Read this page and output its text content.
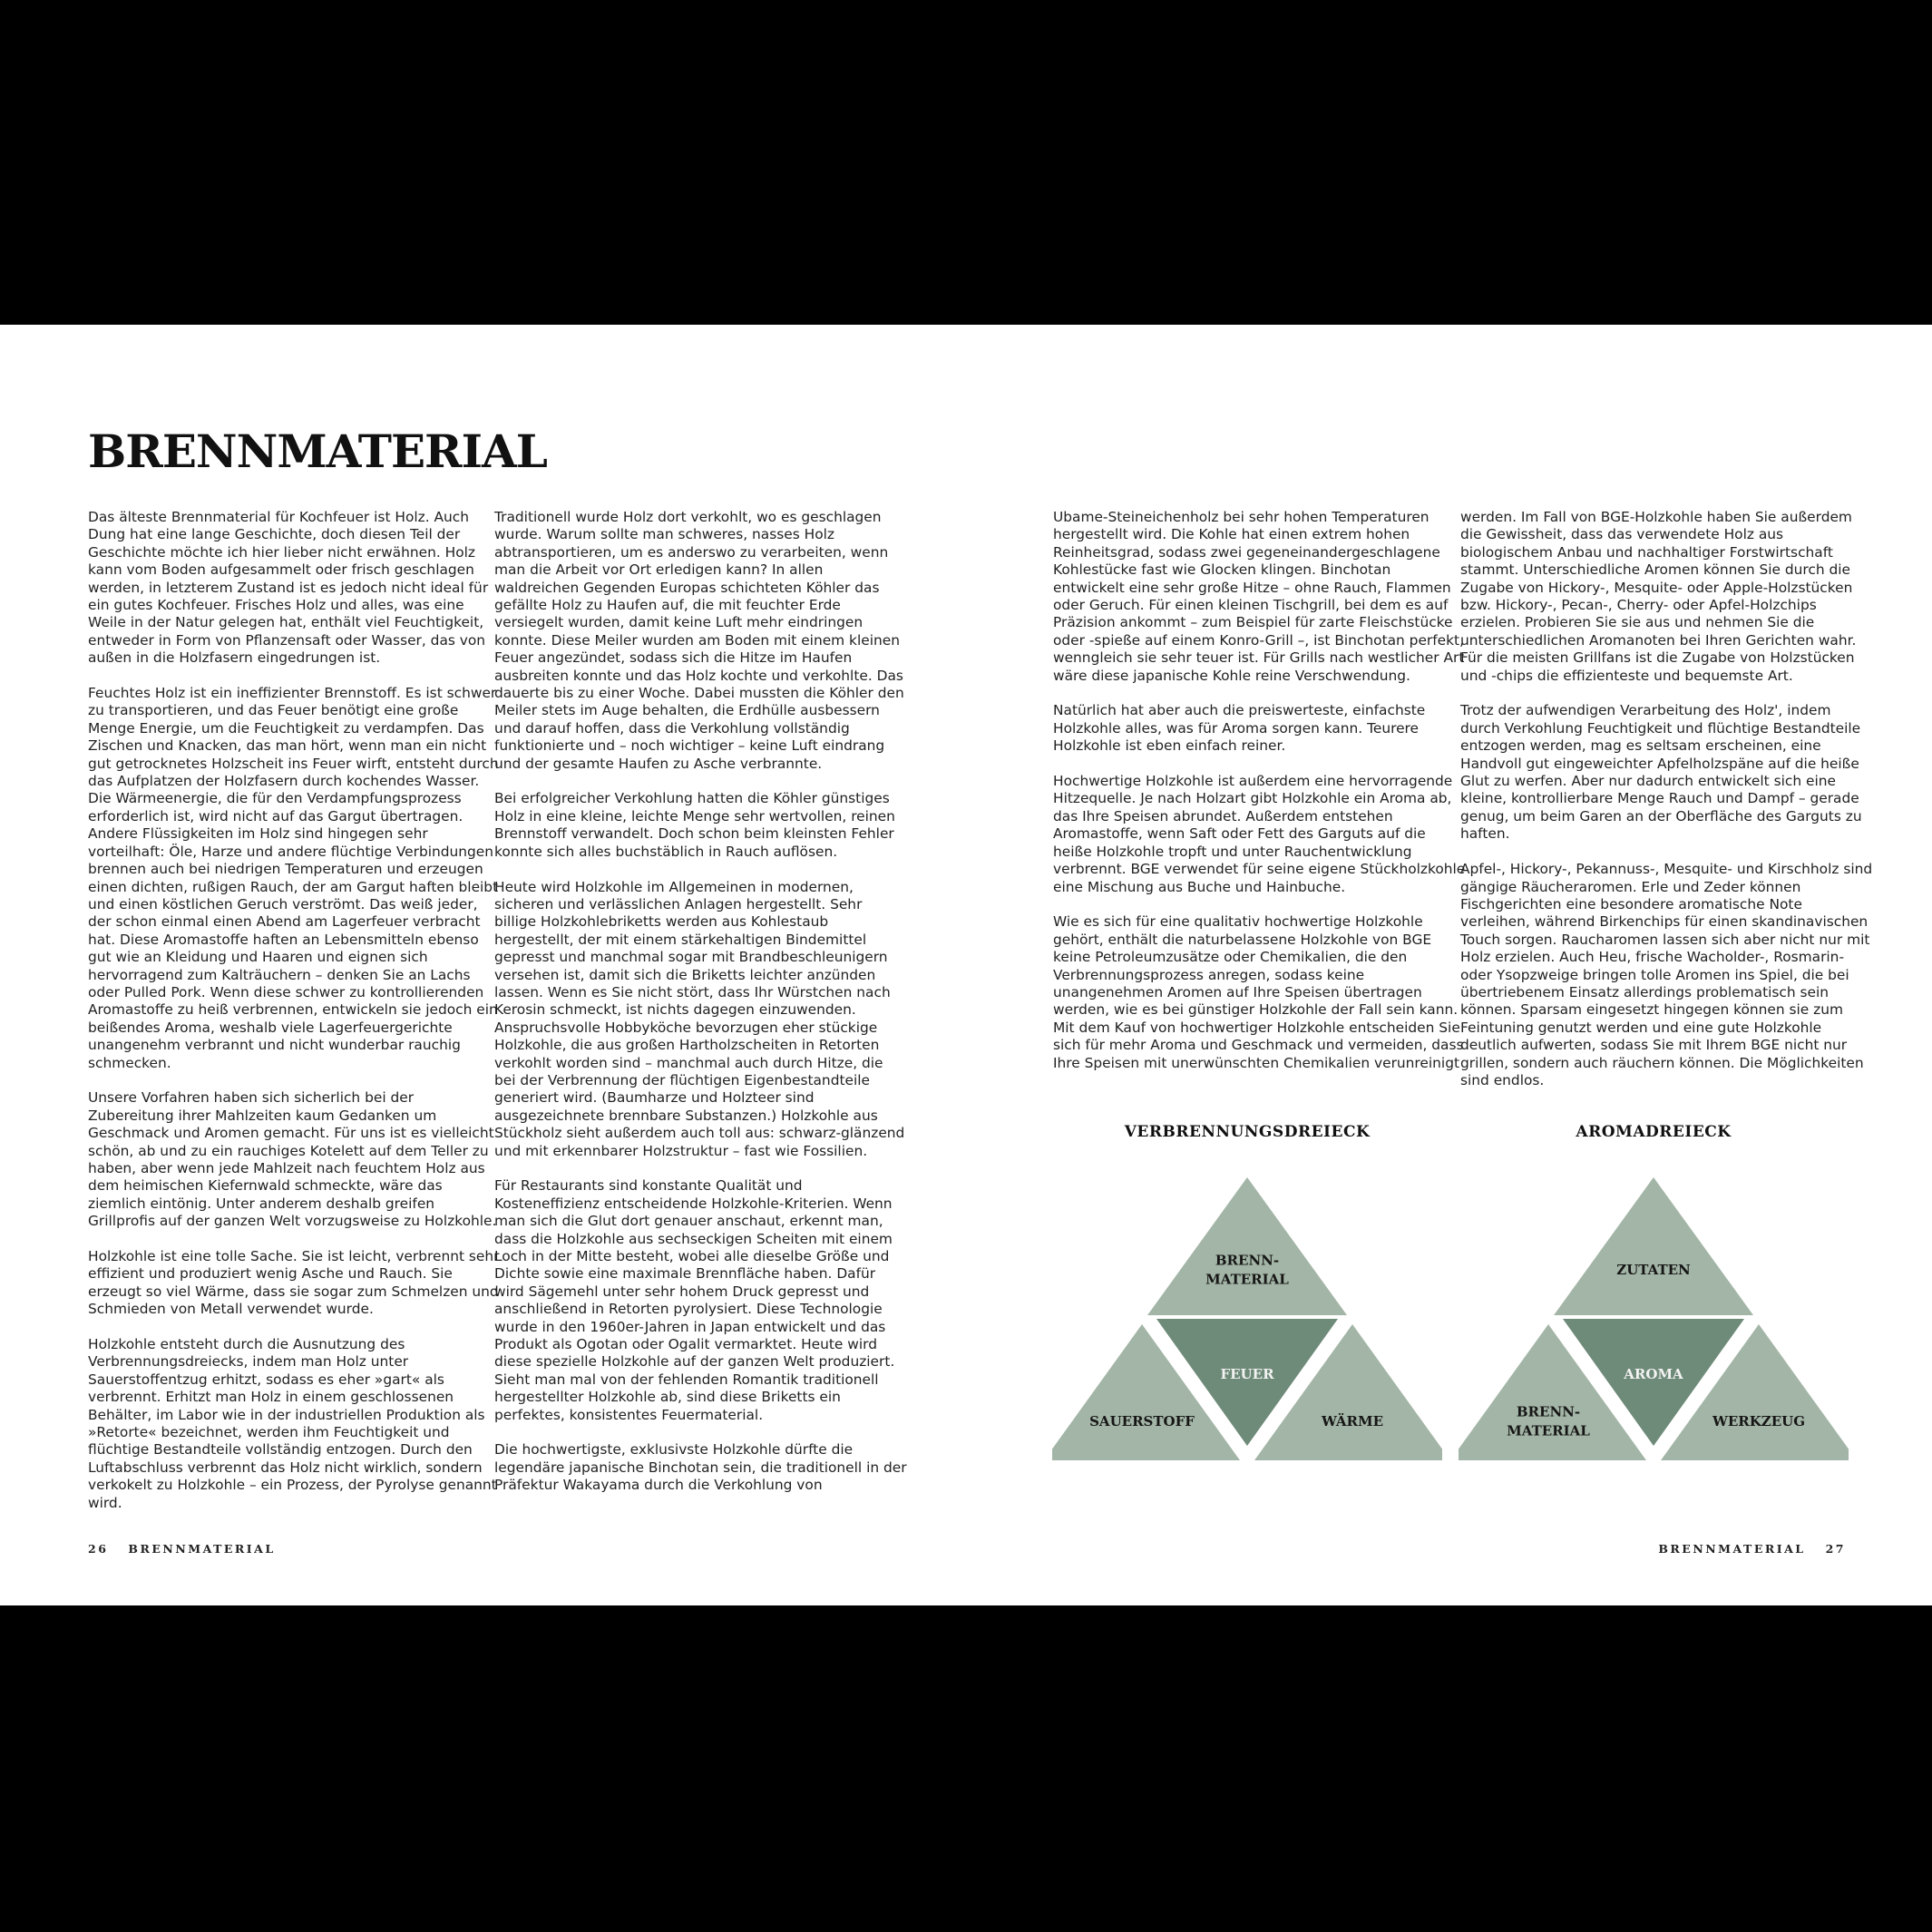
BRENNMATERIAL

Das älteste Brennmaterial für Kochfeuer ist Holz. Auch Dung hat eine lange Geschichte, doch diesen Teil der Geschichte möchte ich hier lieber nicht erwähnen. Holz kann vom Boden aufgesammelt oder frisch geschlagen werden, in letzterem Zustand ist es jedoch nicht ideal für ein gutes Kochfeuer. Frisches Holz und alles, was eine Weile in der Natur gelegen hat, enthält viel Feuchtigkeit, entweder in Form von Pflanzensaft oder Wasser, das von außen in die Holzfasern eingedrungen ist.

Feuchtes Holz ist ein ineffizienter Brennstoff. Es ist schwer zu transportieren, und das Feuer benötigt eine große Menge Energie, um die Feuchtigkeit zu verdampfen. Das Zischen und Knacken, das man hört, wenn man ein nicht gut getrocknetes Holzscheit ins Feuer wirft, entsteht durch das Aufplatzen der Holzfasern durch kochendes Wasser. Die Wärmeenergie, die für den Verdampfungsprozess erforderlich ist, wird nicht auf das Gargut übertragen. Andere Flüssigkeiten im Holz sind hingegen sehr vorteilhaft: Öle, Harze und andere flüchtige Verbindungen brennen auch bei niedrigen Temperaturen und erzeugen einen dichten, rußigen Rauch, der am Gargut haften bleibt und einen köstlichen Geruch verströmt. Das weiß jeder, der schon einmal einen Abend am Lagerfeuer verbracht hat. Diese Aromastoffe haften an Lebensmitteln ebenso gut wie an Kleidung und Haaren und eignen sich hervorragend zum Kalträuchern – denken Sie an Lachs oder Pulled Pork. Wenn diese schwer zu kontrollierenden Aromastoffe zu heiß verbrennen, entwickeln sie jedoch ein beißendes Aroma, weshalb viele Lagerfeuergerichte unangenehm verbrannt und nicht wunderbar rauchig schmecken.

Unsere Vorfahren haben sich sicherlich bei der Zubereitung ihrer Mahlzeiten kaum Gedanken um Geschmack und Aromen gemacht. Für uns ist es vielleicht schön, ab und zu ein rauchiges Kotelett auf dem Teller zu haben, aber wenn jede Mahlzeit nach feuchtem Holz aus dem heimischen Kiefernwald schmeckte, wäre das ziemlich eintönig. Unter anderem deshalb greifen Grillprofis auf der ganzen Welt vorzugsweise zu Holzkohle.

Holzkohle ist eine tolle Sache. Sie ist leicht, verbrennt sehr effizient und produziert wenig Asche und Rauch. Sie erzeugt so viel Wärme, dass sie sogar zum Schmelzen und Schmieden von Metall verwendet wurde.

Holzkohle entsteht durch die Ausnutzung des Verbrennungsdreiecks, indem man Holz unter Sauerstoffentzug erhitzt, sodass es eher »gart« als verbrennt. Erhitzt man Holz in einem geschlossenen Behälter, im Labor wie in der industriellen Produktion als »Retorte« bezeichnet, werden ihm Feuchtigkeit und flüchtige Bestandteile vollständig entzogen. Durch den Luftabschluss verbrennt das Holz nicht wirklich, sondern verkokelt zu Holzkohle – ein Prozess, der Pyrolyse genannt wird.

Traditionell wurde Holz dort verkohlt, wo es geschlagen wurde. Warum sollte man schweres, nasses Holz abtransportieren, um es anderswo zu verarbeiten, wenn man die Arbeit vor Ort erledigen kann? In allen waldreichen Gegenden Europas schichteten Köhler das gefällte Holz zu Haufen auf, die mit feuchter Erde versiegelt wurden, damit keine Luft mehr eindringen konnte. Diese Meiler wurden am Boden mit einem kleinen Feuer angezündet, sodass sich die Hitze im Haufen ausbreiten konnte und das Holz kochte und verkohlte. Das dauerte bis zu einer Woche. Dabei mussten die Köhler den Meiler stets im Auge behalten, die Erdhülle ausbessern und darauf hoffen, dass die Verkohlung vollständig funktionierte und – noch wichtiger – keine Luft eindrang und der gesamte Haufen zu Asche verbrannte.

Bei erfolgreicher Verkohlung hatten die Köhler günstiges Holz in eine kleine, leichte Menge sehr wertvollen, reinen Brennstoff verwandelt. Doch schon beim kleinsten Fehler konnte sich alles buchstäblich in Rauch auflösen.

Heute wird Holzkohle im Allgemeinen in modernen, sicheren und verlässlichen Anlagen hergestellt. Sehr billige Holzkohlebriketts werden aus Kohlestaub hergestellt, der mit einem stärkehaltigen Bindemittel gepresst und manchmal sogar mit Brandbeschleunigern versehen ist, damit sich die Briketts leichter anzünden lassen. Wenn es Sie nicht stört, dass Ihr Würstchen nach Kerosin schmeckt, ist nichts dagegen einzuwenden. Anspruchsvolle Hobbyköche bevorzugen eher stückige Holzkohle, die aus großen Hartholzscheiten in Retorten verkohlt worden sind – manchmal auch durch Hitze, die bei der Verbrennung der flüchtigen Eigenbestandteile generiert wird. (Baumharze und Holzteer sind ausgezeichnete brennbare Substanzen.) Holzkohle aus Stückholz sieht außerdem auch toll aus: schwarz-glänzend und mit erkennbarer Holzstruktur – fast wie Fossilien.

Für Restaurants sind konstante Qualität und Kosteneffizienz entscheidende Holzkohle-Kriterien. Wenn man sich die Glut dort genauer anschaut, erkennt man, dass die Holzkohle aus sechseckigen Scheiten mit einem Loch in der Mitte besteht, wobei alle dieselbe Größe und Dichte sowie eine maximale Brennfläche haben. Dafür wird Sägemehl unter sehr hohem Druck gepresst und anschließend in Retorten pyrolysiert. Diese Technologie wurde in den 1960er-Jahren in Japan entwickelt und das Produkt als Ogotan oder Ogalit vermarktet. Heute wird diese spezielle Holzkohle auf der ganzen Welt produziert. Sieht man mal von der fehlenden Romantik traditionell hergestellter Holzkohle ab, sind diese Briketts ein perfektes, konsistentes Feuermaterial.

Die hochwertigste, exklusivste Holzkohle dürfte die legendäre japanische Binchotan sein, die traditionell in der Präfektur Wakayama durch die Verkohlung von

Ubame-Steineichenholz bei sehr hohen Temperaturen hergestellt wird. Die Kohle hat einen extrem hohen Reinheitsgrad, sodass zwei gegeneinandergeschlagene Kohlestücke fast wie Glocken klingen. Binchotan entwickelt eine sehr große Hitze – ohne Rauch, Flammen oder Geruch. Für einen kleinen Tischgrill, bei dem es auf Präzision ankommt – zum Beispiel für zarte Fleischstücke oder -spieße auf einem Konro-Grill –, ist Binchotan perfekt, wenngleich sie sehr teuer ist. Für Grills nach westlicher Art wäre diese japanische Kohle reine Verschwendung.

Natürlich hat aber auch die preiswerteste, einfachste Holzkohle alles, was für Aroma sorgen kann. Teurere Holzkohle ist eben einfach reiner.

Hochwertige Holzkohle ist außerdem eine hervorragende Hitzequelle. Je nach Holzart gibt Holzkohle ein Aroma ab, das Ihre Speisen abrundet. Außerdem entstehen Aromastoffe, wenn Saft oder Fett des Garguts auf die heiße Holzkohle tropft und unter Rauchentwicklung verbrennt. BGE verwendet für seine eigene Stückholzkohle eine Mischung aus Buche und Hainbuche.

Wie es sich für eine qualitativ hochwertige Holzkohle gehört, enthält die naturbelassene Holzkohle von BGE keine Petroleumzusätze oder Chemikalien, die den Verbrennungsprozess anregen, sodass keine unangenehmen Aromen auf Ihre Speisen übertragen werden, wie es bei günstiger Holzkohle der Fall sein kann. Mit dem Kauf von hochwertiger Holzkohle entscheiden Sie sich für mehr Aroma und Geschmack und vermeiden, dass Ihre Speisen mit unerwünschten Chemikalien verunreinigt

werden. Im Fall von BGE-Holzkohle haben Sie außerdem die Gewissheit, dass das verwendete Holz aus biologischem Anbau und nachhaltiger Forstwirtschaft stammt. Unterschiedliche Aromen können Sie durch die Zugabe von Hickory-, Mesquite- oder Apple-Holzstücken bzw. Hickory-, Pecan-, Cherry- oder Apfel-Holzchips erzielen. Probieren Sie sie aus und nehmen Sie die unterschiedlichen Aromanoten bei Ihren Gerichten wahr. Für die meisten Grillfans ist die Zugabe von Holzstücken und -chips die effizienteste und bequemste Art.

Trotz der aufwendigen Verarbeitung des Holz', indem durch Verkohlung Feuchtigkeit und flüchtige Bestandteile entzogen werden, mag es seltsam erscheinen, eine Handvoll gut eingeweichter Apfelholzspäne auf die heiße Glut zu werfen. Aber nur dadurch entwickelt sich eine kleine, kontrollierbare Menge Rauch und Dampf – gerade genug, um beim Garen an der Oberfläche des Garguts zu haften.

Apfel-, Hickory-, Pekannuss-, Mesquite- und Kirschholz sind gängige Räucheraromen. Erle und Zeder können Fischgerichten eine besondere aromatische Note verleihen, während Birkenchips für einen skandinavischen Touch sorgen. Raucharomen lassen sich aber nicht nur mit Holz erzielen. Auch Heu, frische Wacholder-, Rosmarin- oder Ysopzweige bringen tolle Aromen ins Spiel, die bei übertriebenem Einsatz allerdings problematisch sein können. Sparsam eingesetzt hingegen können sie zum Feintuning genutzt werden und eine gute Holzkohle deutlich aufwerten, sodass Sie mit Ihrem BGE nicht nur grillen, sondern auch räuchern können. Die Möglichkeiten sind endlos.

VERBRENNUNGSDREIECK
BRENN-MATERIAL
SAUERSTOFF	WÄRME
FEUER
AROMADREIECK
ZUTATEN
BRENN-MATERIAL
WERKZEUG
AROMA
26 BRENNMATERIAL	BRENNMATERIAL 27
